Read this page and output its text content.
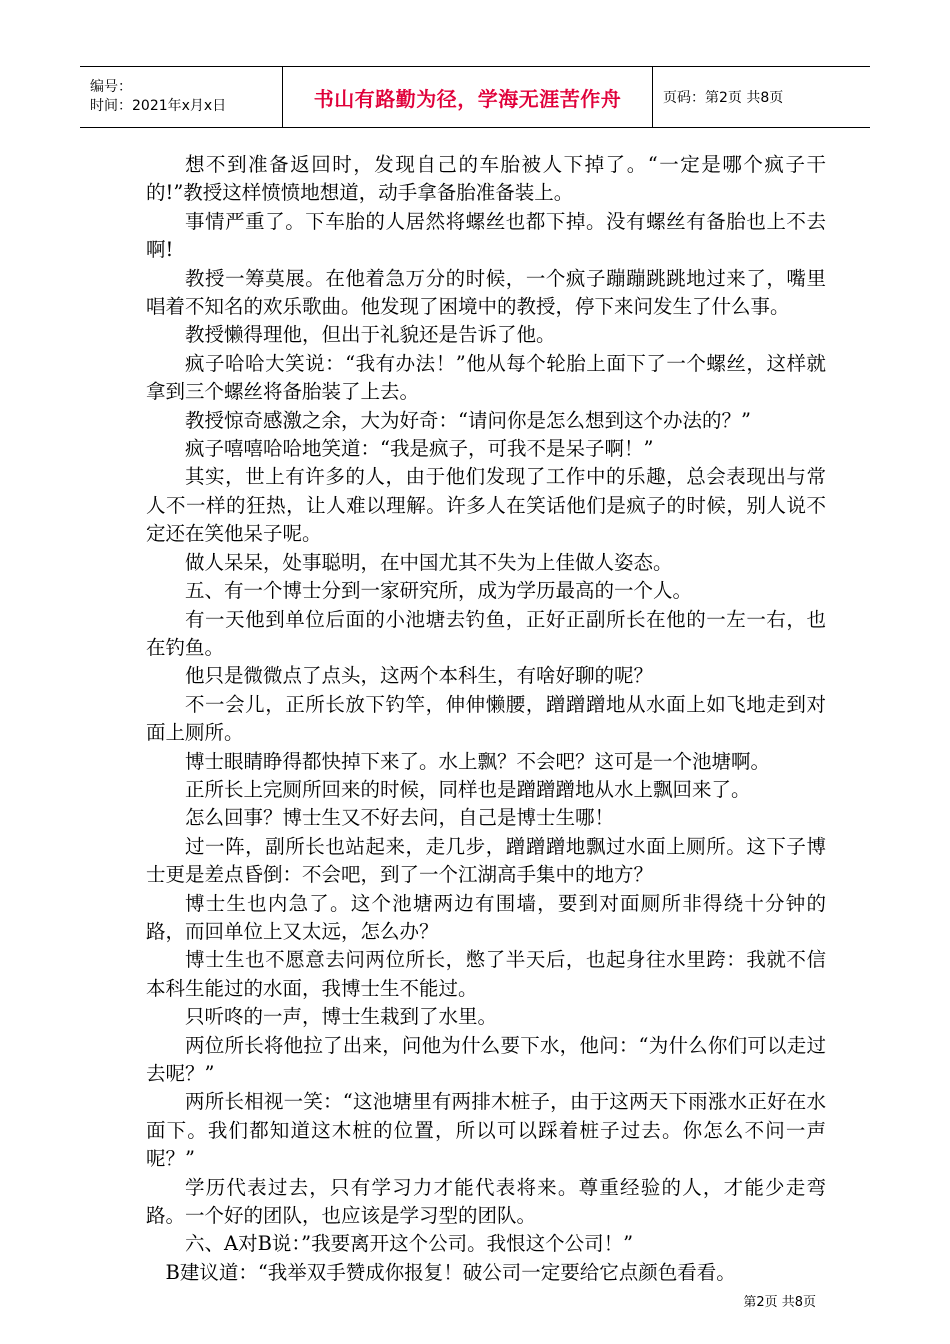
编号：
时间：2021年x月x日	书山有路勤为径，学海无涯苦作舟	页码：第2页 共8页

想不到准备返回时，发现自己的车胎被人下掉了。“一定是哪个疯子干的!”教授这样愤愤地想道，动手拿备胎准备装上。

事情严重了。下车胎的人居然将螺丝也都下掉。没有螺丝有备胎也上不去啊!

教授一筹莫展。在他着急万分的时候，一个疯子蹦蹦跳跳地过来了，嘴里唱着不知名的欢乐歌曲。他发现了困境中的教授，停下来问发生了什么事。

教授懒得理他，但出于礼貌还是告诉了他。

疯子哈哈大笑说：“我有办法！”他从每个轮胎上面下了一个螺丝，这样就拿到三个螺丝将备胎装了上去。

教授惊奇感激之余，大为好奇：“请问你是怎么想到这个办法的？”

疯子嘻嘻哈哈地笑道：“我是疯子，可我不是呆子啊！”

其实，世上有许多的人，由于他们发现了工作中的乐趣，总会表现出与常人不一样的狂热，让人难以理解。许多人在笑话他们是疯子的时候，别人说不定还在笑他呆子呢。

做人呆呆，处事聪明，在中国尤其不失为上佳做人姿态。

五、有一个博士分到一家研究所，成为学历最高的一个人。

有一天他到单位后面的小池塘去钓鱼，正好正副所长在他的一左一右，也在钓鱼。

他只是微微点了点头，这两个本科生，有啥好聊的呢？

不一会儿，正所长放下钓竿，伸伸懒腰，蹭蹭蹭地从水面上如飞地走到对面上厕所。

博士眼睛睁得都快掉下来了。水上飘？不会吧？这可是一个池塘啊。

正所长上完厕所回来的时候，同样也是蹭蹭蹭地从水上飘回来了。

怎么回事？博士生又不好去问，自己是博士生哪！

过一阵，副所长也站起来，走几步，蹭蹭蹭地飘过水面上厕所。这下子博士更是差点昏倒：不会吧，到了一个江湖高手集中的地方？

博士生也内急了。这个池塘两边有围墙，要到对面厕所非得绕十分钟的路，而回单位上又太远，怎么办？

博士生也不愿意去问两位所长，憋了半天后，也起身往水里跨：我就不信本科生能过的水面，我博士生不能过。

只听咚的一声，博士生栽到了水里。

两位所长将他拉了出来，问他为什么要下水，他问：“为什么你们可以走过去呢？”

两所长相视一笑：“这池塘里有两排木桩子，由于这两天下雨涨水正好在水面下。我们都知道这木桩的位置，所以可以踩着桩子过去。你怎么不问一声呢？”

学历代表过去，只有学习力才能代表将来。尊重经验的人，才能少走弯路。一个好的团队，也应该是学习型的团队。

六、A对B说：”我要离开这个公司。我恨这个公司！”

B建议道：“我举双手赞成你报复！破公司一定要给它点颜色看看。

第2页 共8页
